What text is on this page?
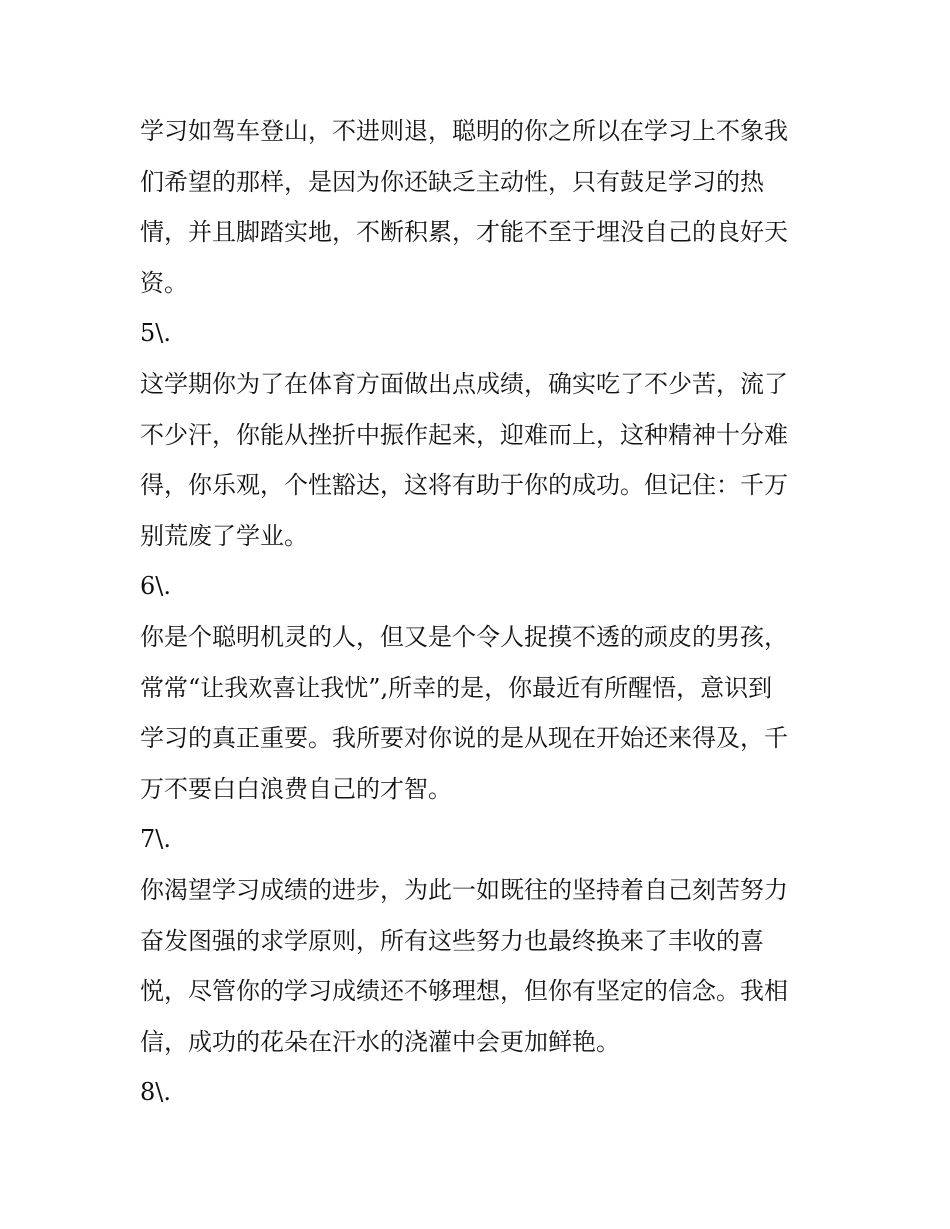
学习如驾车登山，不进则退，聪明的你之所以在学习上不象我
们希望的那样，是因为你还缺乏主动性，只有鼓足学习的热
情，并且脚踏实地，不断积累，才能不至于埋没自己的良好天
资。
5\.
这学期你为了在体育方面做出点成绩，确实吃了不少苦，流了
不少汗，你能从挫折中振作起来，迎难而上，这种精神十分难
得，你乐观，个性豁达，这将有助于你的成功。但记住：千万
别荒废了学业。
6\.
你是个聪明机灵的人，但又是个令人捉摸不透的顽皮的男孩，
常常“让我欢喜让我忧”,所幸的是，你最近有所醒悟，意识到
学习的真正重要。我所要对你说的是从现在开始还来得及，千
万不要白白浪费自己的才智。
7\.
你渴望学习成绩的进步，为此一如既往的坚持着自己刻苦努力
奋发图强的求学原则，所有这些努力也最终换来了丰收的喜
悦，尽管你的学习成绩还不够理想，但你有坚定的信念。我相
信，成功的花朵在汗水的浇灌中会更加鲜艳。
8\.
